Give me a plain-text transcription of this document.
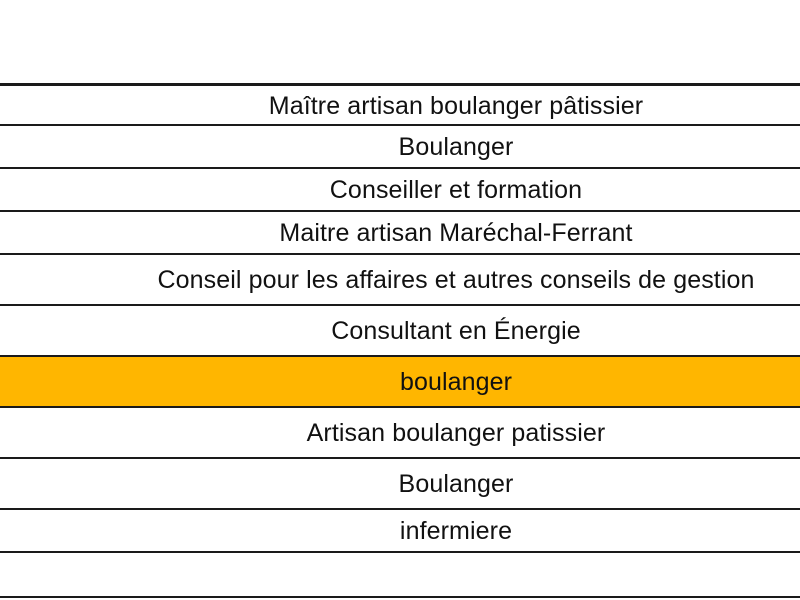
Maître artisan boulanger pâtissier
Boulanger
Conseiller et formation
Maitre artisan Maréchal-Ferrant
Conseil pour les affaires et autres conseils de gestion
Consultant en Énergie
boulanger
Artisan boulanger patissier
Boulanger
infermiere
